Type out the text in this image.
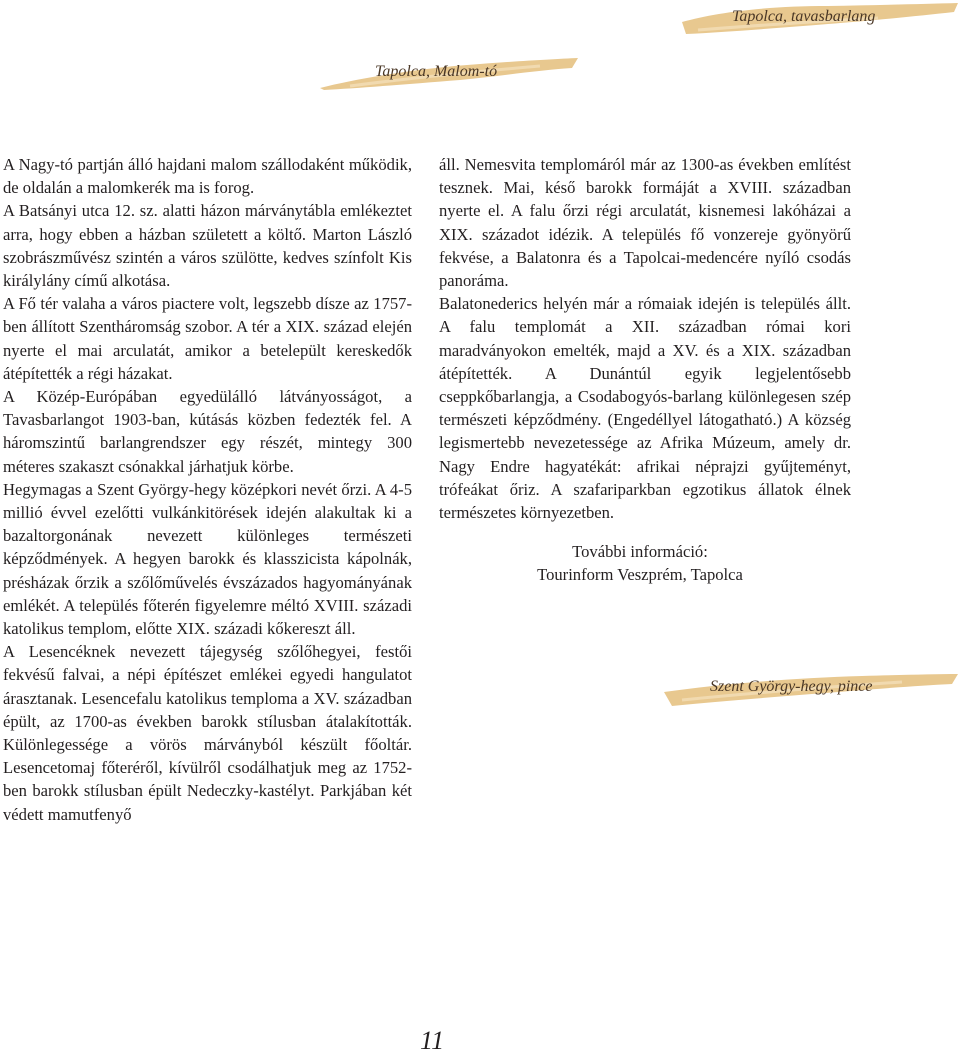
Tapolca, tavasbarlang
Tapolca, Malom-tó
Szent György-hegy, pince

A Nagy-tó partján álló hajdani malom szállodaként működik, de oldalán a malomkerék ma is forog.

A Batsányi utca 12. sz. alatti házon márványtábla emlékeztet arra, hogy ebben a házban született a költő. Marton László szobrászművész szintén a város szülötte, kedves színfolt Kis királylány című alkotása.

A Fő tér valaha a város piactere volt, legszebb dísze az 1757-ben állított Szentháromság szobor. A tér a XIX. század elején nyerte el mai arculatát, amikor a betelepült kereskedők átépítették a régi házakat.

A Közép-Európában egyedülálló látványosságot, a Tavasbarlangot 1903-ban, kútásás közben fedezték fel. A háromszintű barlangrendszer egy részét, mintegy 300 méteres szakaszt csónakkal járhatjuk körbe.

Hegymagas a Szent György-hegy középkori nevét őrzi. A 4-5 millió évvel ezelőtti vulkánkitörések idején alakultak ki a bazaltorgonának nevezett különleges természeti képződmények. A hegyen barokk és klasszicista kápolnák, présházak őrzik a szőlőművelés évszázados hagyományának emlékét. A település főterén figyelemre méltó XVIII. századi katolikus templom, előtte XIX. századi kőkereszt áll.

A Lesencéknek nevezett tájegység szőlőhegyei, festői fekvésű falvai, a népi építészet emlékei egyedi hangulatot árasztanak. Lesencefalu katolikus temploma a XV. században épült, az 1700-as években barokk stílusban átalakították. Különlegessége a vörös márványból készült főoltár. Lesencetomaj főteréről, kívülről csodálhatjuk meg az 1752-ben barokk stílusban épült Nedeczky-kastélyt. Parkjában két védett mamutfenyő

áll. Nemesvita templomáról már az 1300-as években említést tesznek. Mai, késő barokk formáját a XVIII. században nyerte el. A falu őrzi régi arculatát, kisnemesi lakóházai a XIX. századot idézik. A település fő vonzereje gyönyörű fekvése, a Balatonra és a Tapolcai-medencére nyíló csodás panoráma.

Balatonederics helyén már a rómaiak idején is település állt. A falu templomát a XII. században római kori maradványokon emelték, majd a XV. és a XIX. században átépítették. A Dunántúl egyik legjelentősebb cseppkőbarlangja, a Csodabogyós-barlang különlegesen szép természeti képződmény. (Engedéllyel látogatható.) A község legismertebb nevezetessége az Afrika Múzeum, amely dr. Nagy Endre hagyatékát: afrikai néprajzi gyűjteményt, trófeákat őriz. A szafariparkban egzotikus állatok élnek természetes környezetben.

További információ:
Tourinform Veszprém, Tapolca
11
